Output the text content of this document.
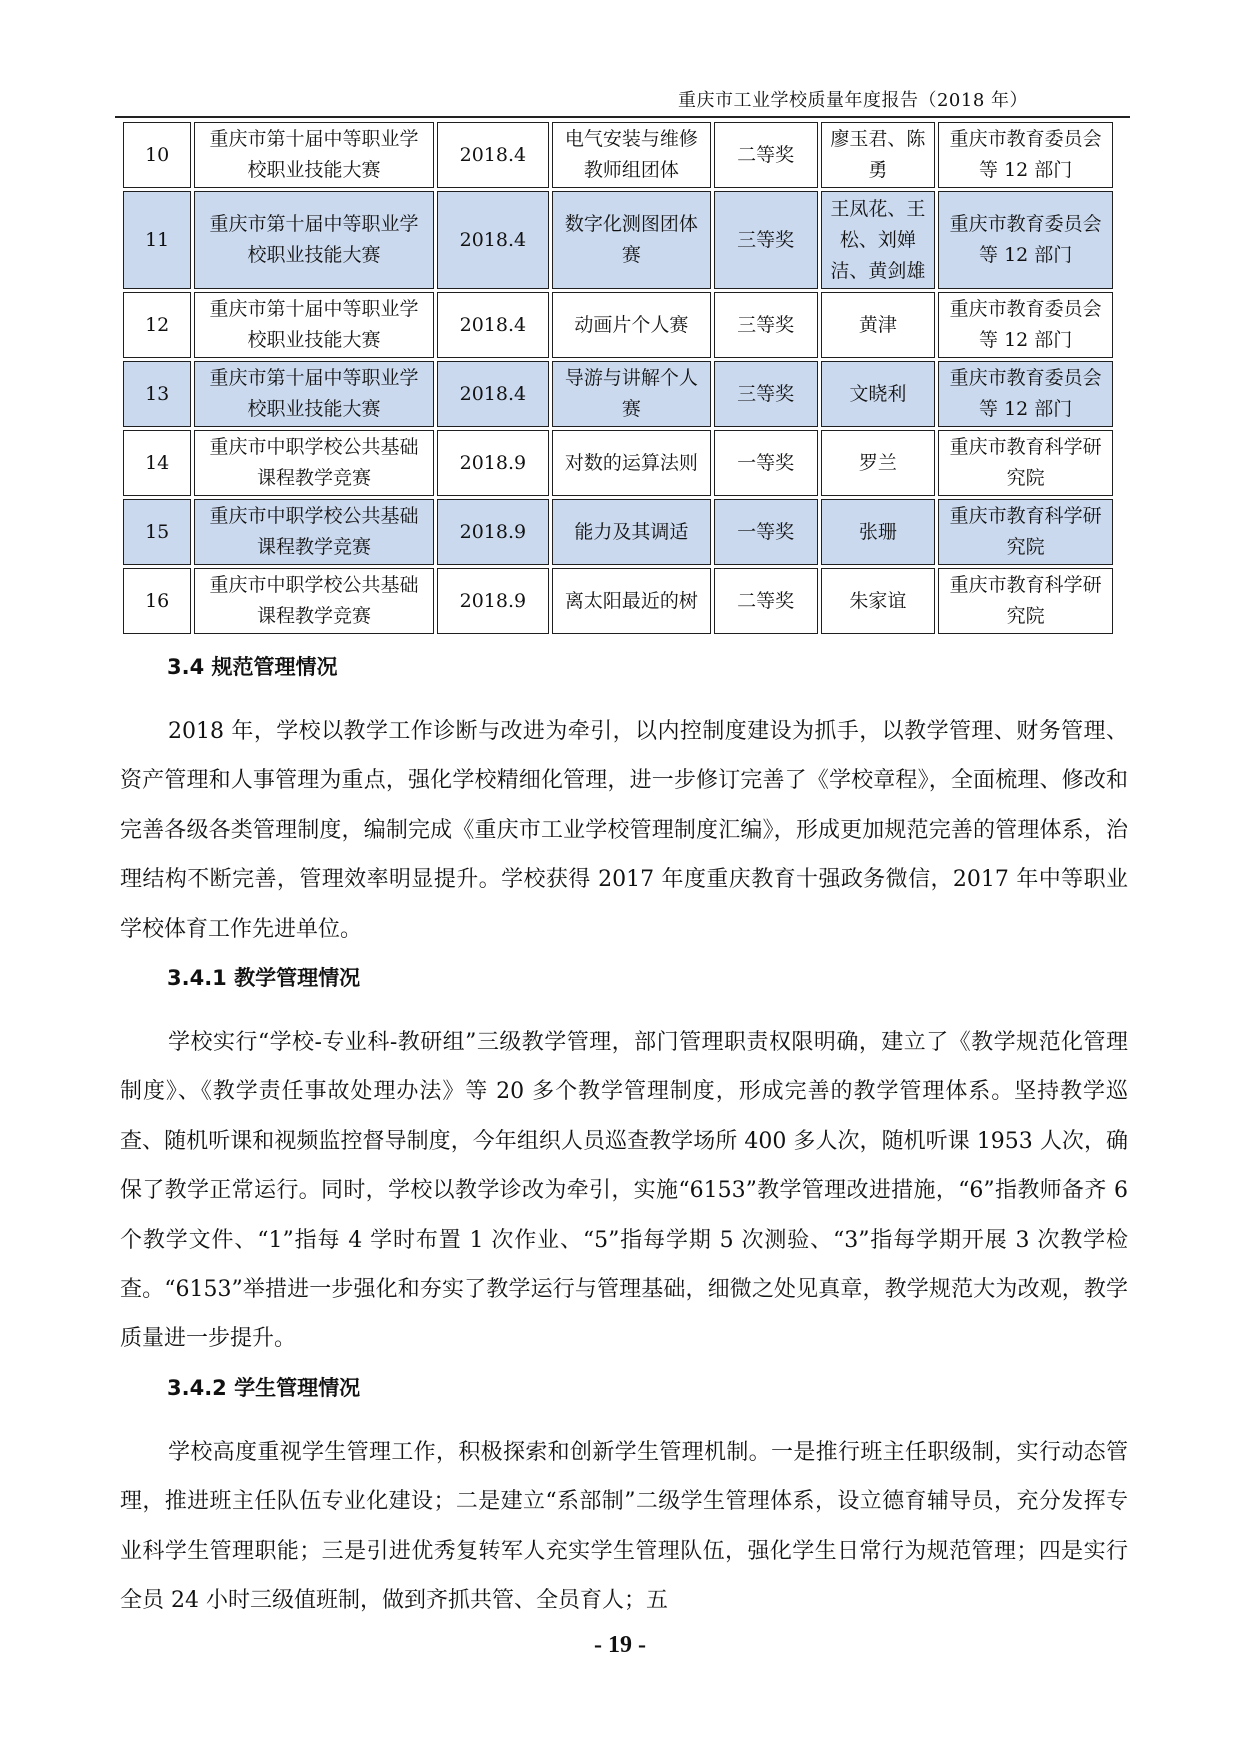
重庆市工业学校质量年度报告（2018 年）
10	重庆市第十届中等职业学校职业技能大赛	2018.4	电气安装与维修教师组团体	二等奖	廖玉君、陈勇	重庆市教育委员会等 12 部门
11	重庆市第十届中等职业学校职业技能大赛	2018.4	数字化测图团体赛	三等奖	王凤花、王松、刘婵洁、黄剑雄	重庆市教育委员会等 12 部门
12	重庆市第十届中等职业学校职业技能大赛	2018.4	动画片个人赛	三等奖	黄津	重庆市教育委员会等 12 部门
13	重庆市第十届中等职业学校职业技能大赛	2018.4	导游与讲解个人赛	三等奖	文晓利	重庆市教育委员会等 12 部门
14	重庆市中职学校公共基础课程教学竞赛	2018.9	对数的运算法则	一等奖	罗兰	重庆市教育科学研究院
15	重庆市中职学校公共基础课程教学竞赛	2018.9	能力及其调适	一等奖	张珊	重庆市教育科学研究院
16	重庆市中职学校公共基础课程教学竞赛	2018.9	离太阳最近的树	二等奖	朱家谊	重庆市教育科学研究院
3.4 规范管理情况

2018 年，学校以教学工作诊断与改进为牵引，以内控制度建设为抓手，以教学管理、财务管理、资产管理和人事管理为重点，强化学校精细化管理，进一步修订完善了《学校章程》，全面梳理、修改和完善各级各类管理制度，编制完成《重庆市工业学校管理制度汇编》，形成更加规范完善的管理体系，治理结构不断完善，管理效率明显提升。学校获得 2017 年度重庆教育十强政务微信，2017 年中等职业学校体育工作先进单位。

3.4.1 教学管理情况

学校实行“学校-专业科-教研组”三级教学管理，部门管理职责权限明确，建立了《教学规范化管理制度》、《教学责任事故处理办法》等 20 多个教学管理制度，形成完善的教学管理体系。坚持教学巡查、随机听课和视频监控督导制度，今年组织人员巡查教学场所 400 多人次，随机听课 1953 人次，确保了教学正常运行。同时，学校以教学诊改为牵引，实施“6153”教学管理改进措施，“6”指教师备齐 6 个教学文件、“1”指每 4 学时布置 1 次作业、“5”指每学期 5 次测验、“3”指每学期开展 3 次教学检查。“6153”举措进一步强化和夯实了教学运行与管理基础，细微之处见真章，教学规范大为改观，教学质量进一步提升。

3.4.2 学生管理情况

学校高度重视学生管理工作，积极探索和创新学生管理机制。一是推行班主任职级制，实行动态管理，推进班主任队伍专业化建设；二是建立“系部制”二级学生管理体系，设立德育辅导员，充分发挥专业科学生管理职能；三是引进优秀复转军人充实学生管理队伍，强化学生日常行为规范管理；四是实行全员 24 小时三级值班制，做到齐抓共管、全员育人；五

- 19 -
